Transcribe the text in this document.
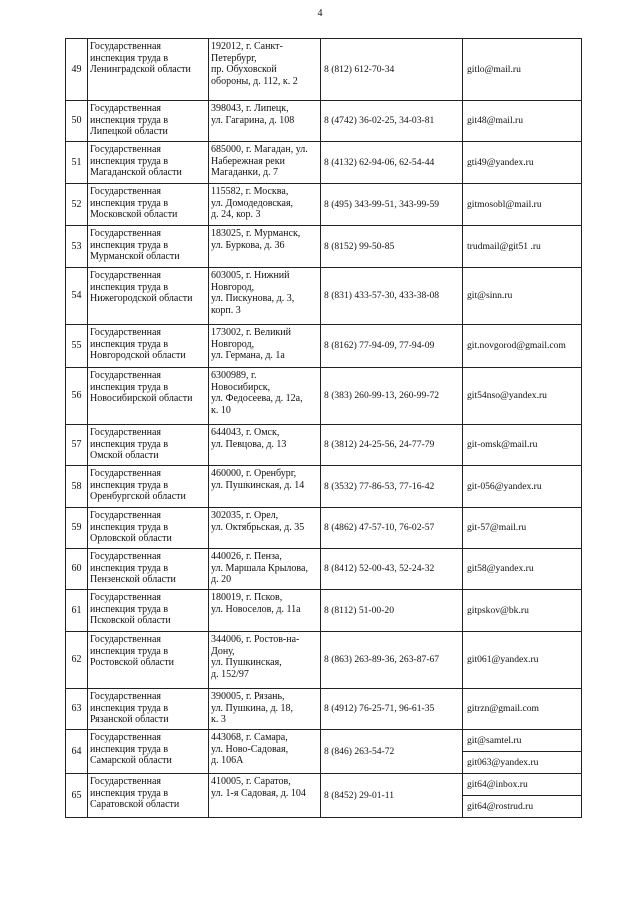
4
49	Государственная
инспекция труда в
Ленинградской области	192012, г. Санкт-
Петербург,
пр. Обуховской
обороны, д. 112, к. 2	8 (812) 612-70-34	gitlo@mail.ru

50	Государственная
инспекция труда в
Липецкой области	398043, г. Липецк,
ул. Гагарина, д. 108	8 (4742) 36-02-25, 34-03-81	git48@mail.ru

51	Государственная
инспекция труда в
Магаданской области	685000, г. Магадан, ул.
Набережная реки
Магаданки, д. 7	8 (4132) 62-94-06, 62-54-44	gti49@yandex.ru

52	Государственная
инспекция труда в
Московской области	115582, г. Москва,
ул. Домодедовская,
д. 24, кор. 3	8 (495) 343-99-51, 343-99-59	gitmosobl@mail.ru

53	Государственная
инспекция труда в
Мурманской области	183025, г. Мурманск,
ул. Буркова, д. 36	8 (8152) 99-50-85	trudmail@git51 .ru

54	Государственная
инспекция труда в
Нижегородской области	603005, г. Нижний
Новгород,
ул. Пискунова, д. 3,
корп. 3	8 (831) 433-57-30, 433-38-08	git@sinn.ru

55	Государственная
инспекция труда в
Новгородской области	173002, г. Великий
Новгород,
ул. Германа, д. 1а	8 (8162) 77-94-09, 77-94-09	git.novgorod@gmail.com

56	Государственная
инспекция труда в
Новосибирской области	6300989, г.
Новосибирск,
ул. Федосеева, д. 12а,
к. 10	8 (383) 260-99-13, 260-99-72	git54nso@yandex.ru

57	Государственная
инспекция труда в
Омской области	644043, г. Омск,
ул. Певцова, д. 13	8 (3812) 24-25-56, 24-77-79	git-omsk@mail.ru

58	Государственная
инспекция труда в
Оренбургской области	460000, г. Оренбург,
ул. Пушкинская, д. 14	8 (3532) 77-86-53, 77-16-42	git-056@yandex.ru

59	Государственная
инспекция труда в
Орловской области	302035, г. Орел,
ул. Октябрьская, д. 35	8 (4862) 47-57-10, 76-02-57	git-57@mail.ru

60	Государственная
инспекция труда в
Пензенской области	440026, г. Пенза,
ул. Маршала Крылова,
д. 20	8 (8412) 52-00-43, 52-24-32	git58@yandex.ru

61	Государственная
инспекция труда в
Псковской области	180019, г. Псков,
ул. Новоселов, д. 11а	8 (8112) 51-00-20	gitpskov@bk.ru

62	Государственная
инспекция труда в
Ростовской области	344006, г. Ростов-на-
Дону,
ул. Пушкинская,
д. 152/97	8 (863) 263-89-36, 263-87-67	git061@yandex.ru

63	Государственная
инспекция труда в
Рязанской области	390005, г. Рязань,
ул. Пушкина, д. 18,
к. 3	8 (4912) 76-25-71, 96-61-35	gitrzn@gmail.com

64	Государственная
инспекция труда в
Самарской области	443068, г. Самара,
ул. Ново-Садовая,
д. 106А	8 (846) 263-54-72	git@samtel.ru

				git063@yandex.ru

65	Государственная
инспекция труда в
Саратовской области	410005, г. Саратов,
ул. 1-я Садовая, д. 104	8 (8452) 29-01-11	git64@inbox.ru

				git64@rostrud.ru
